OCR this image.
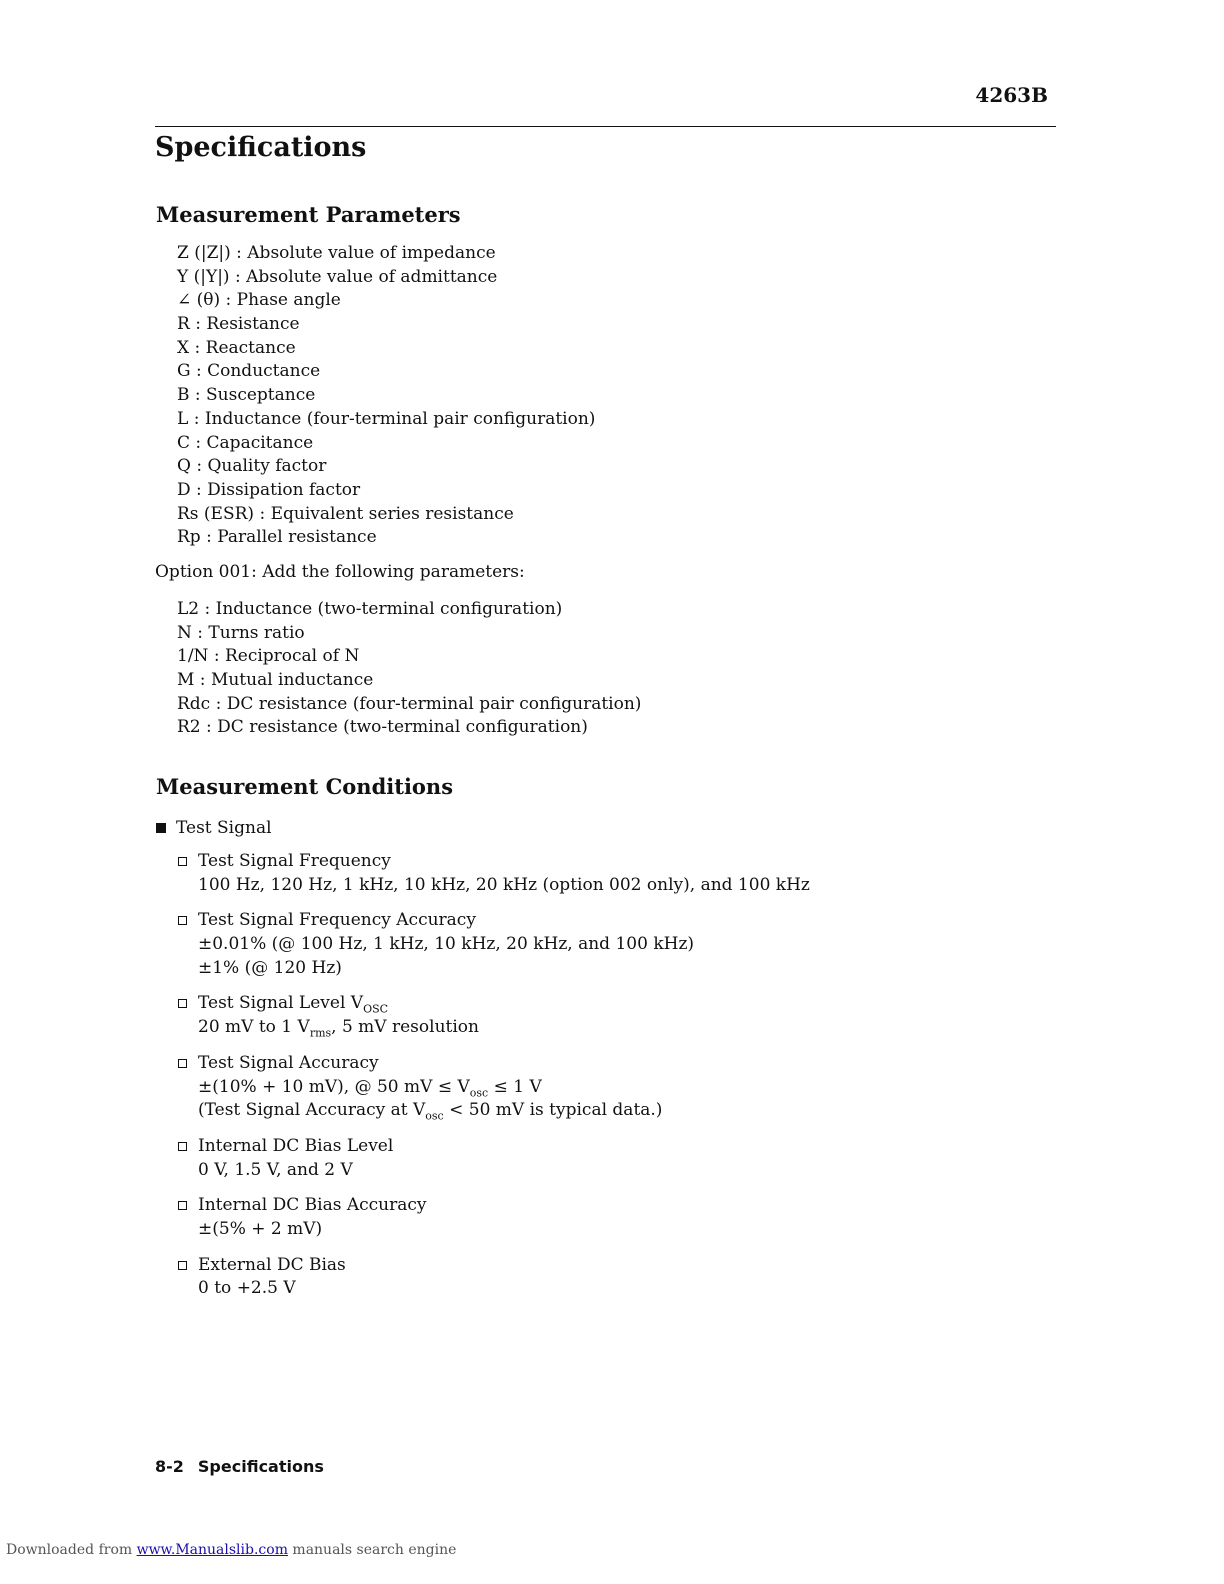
4263B
Specifications
Measurement Parameters
Z (|Z|) : Absolute value of impedance
Y (|Y|) : Absolute value of admittance
∠ (θ) : Phase angle
R : Resistance
X : Reactance
G : Conductance
B : Susceptance
L : Inductance (four-terminal pair configuration)
C : Capacitance
Q : Quality factor
D : Dissipation factor
Rs (ESR) : Equivalent series resistance
Rp : Parallel resistance
Option 001: Add the following parameters:
L2 : Inductance (two-terminal configuration)
N : Turns ratio
1/N : Reciprocal of N
M : Mutual inductance
Rdc : DC resistance (four-terminal pair configuration)
R2 : DC resistance (two-terminal configuration)
Measurement Conditions
Test Signal
Test Signal Frequency
100 Hz, 120 Hz, 1 kHz, 10 kHz, 20 kHz (option 002 only), and 100 kHz
Test Signal Frequency Accuracy
±0.01% (@ 100 Hz, 1 kHz, 10 kHz, 20 kHz, and 100 kHz)
±1% (@ 120 Hz)
Test Signal Level $V_{OSC}$
20 mV to 1 $V_{rms}$, 5 mV resolution
Test Signal Accuracy
±(10% + 10 mV), @ 50 mV ≤ $V_{osc} \le 1$ V
(Test Signal Accuracy at $V_{osc} < 50$ mV is typical data.)
Internal DC Bias Level
0 V, 1.5 V, and 2 V
Internal DC Bias Accuracy
±(5% + 2 mV)
External DC Bias
0 to +2.5 V
8-2 Specifications
Downloaded from www.Manualslib.com manuals search engine
